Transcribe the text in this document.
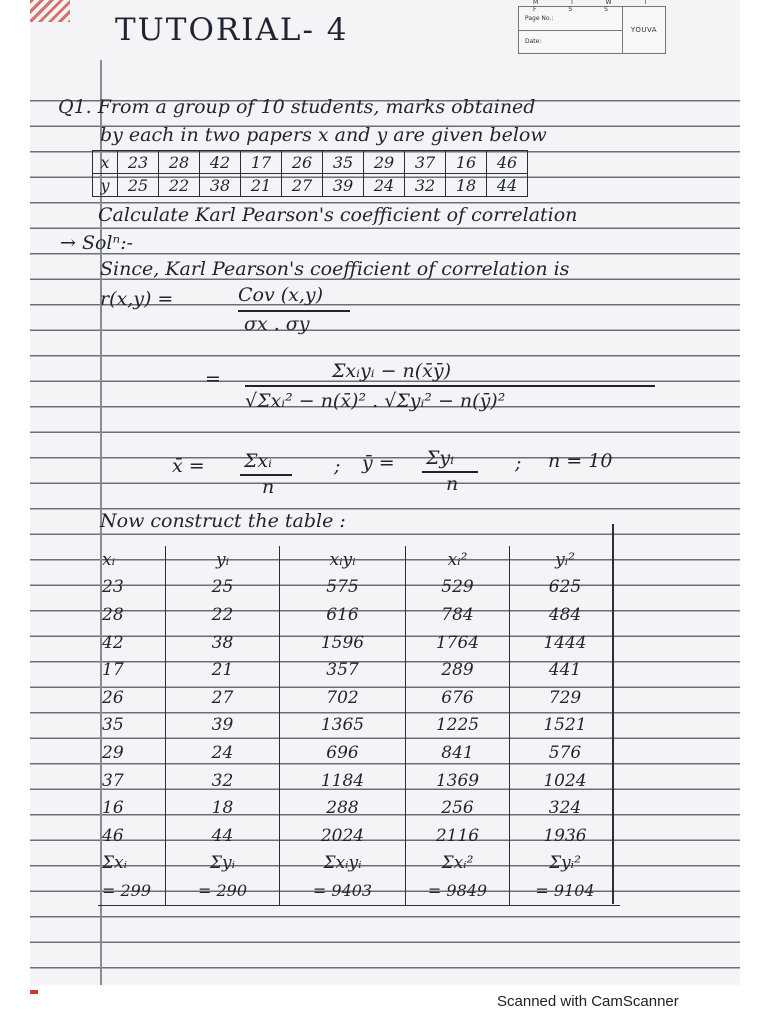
TUTORIAL- 4
M T W T F S S
Page No.:
Date:
YOUVA
Q1. From a group of 10 students, marks obtained
by each in two papers x and y are given below
x	23	28	42	17	26	35	29	37	16	46
y	25	22	38	21	27	39	24	32	18	44
Calculate Karl Pearson's coefficient of correlation
→ Solⁿ:-
Since, Karl Pearson's coefficient of correlation is
r(x,y) =	Cov (x,y)
σx . σy
=	Σxᵢyᵢ − n(x̄ȳ)
√Σxᵢ² − n(x̄)² . √Σyᵢ² − n(ȳ)²
x̄ = Σxᵢ
n
; ȳ = Σyᵢ
n
; n = 10
Now construct the table :
xᵢ	yᵢ	xᵢyᵢ	xᵢ²	yᵢ²
23	25	575	529	625
28	22	616	784	484
42	38	1596	1764	1444
17	21	357	289	441
26	27	702	676	729
35	39	1365	1225	1521
29	24	696	841	576
37	32	1184	1369	1024
16	18	288	256	324
46	44	2024	2116	1936
Σxᵢ	Σyᵢ	Σxᵢyᵢ	Σxᵢ²	Σyᵢ²
= 299	= 290	= 9403	= 9849	= 9104
Scanned with CamScanner
